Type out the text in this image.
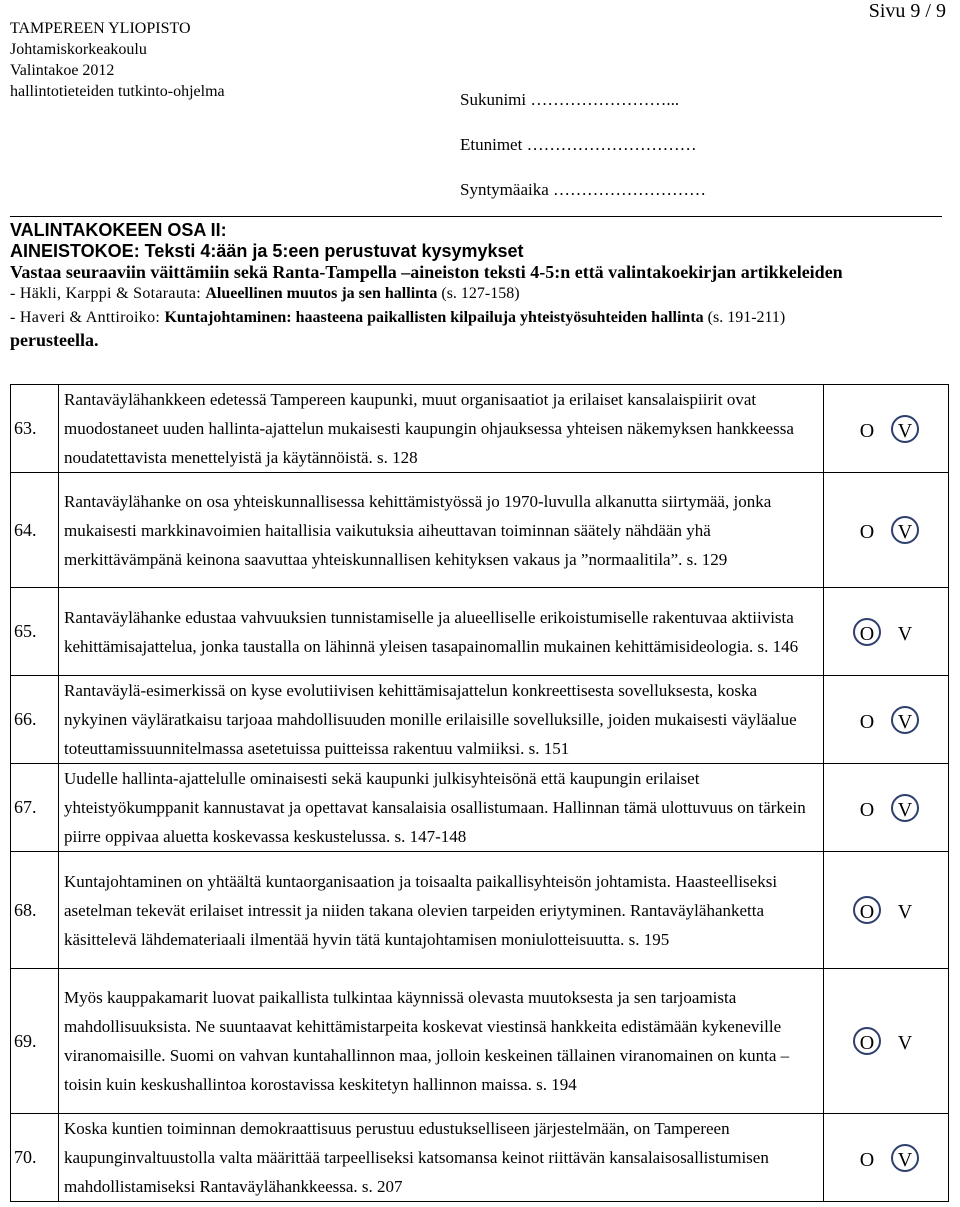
TAMPEREEN YLIOPISTO
Johtamiskorkeakoulu
Valintakoe 2012
hallintotieteiden tutkinto-ohjelma
Sivu 9 / 9
Sukunimi ……………………...
Etunimet …………………………
Syntymäaika ………………………
VALINTAKOKEEN OSA II:
AINEISTOKOE: Teksti 4:ään ja 5:een perustuvat kysymykset
Vastaa seuraaviin väittämiin sekä Ranta-Tampella –aineiston teksti 4-5:n että valintakoekirjan artikkeleiden
- Häkli, Karppi & Sotarauta: Alueellinen muutos ja sen hallinta (s. 127-158)
- Haveri & Anttiroiko: Kuntajohtaminen: haasteena paikallisten kilpailuja yhteistyösuhteiden hallinta (s. 191-211)
perusteella.
63.	Rantaväylähankkeen edetessä Tampereen kaupunki, muut organisaatiot ja erilaiset kansalaispiirit ovat muodostaneet uuden hallinta-ajattelun mukaisesti kaupungin ohjauksessa yhteisen näkemyksen hankkeessa noudatettavista menettelyistä ja käytännöistä. s. 128	O V
64.	Rantaväylähanke on osa yhteiskunnallisessa kehittämistyössä jo 1970-luvulla alkanutta siirtymää, jonka mukaisesti markkinavoimien haitallisia vaikutuksia aiheuttavan toiminnan säätely nähdään yhä merkittävämpänä keinona saavuttaa yhteiskunnallisen kehityksen vakaus ja ”normaalitila”. s. 129	O V
65.	Rantaväylähanke edustaa vahvuuksien tunnistamiselle ja alueelliselle erikoistumiselle rakentuvaa aktiivista kehittämisajattelua, jonka taustalla on lähinnä yleisen tasapainomallin mukainen kehittämisideologia. s. 146	O V
66.	Rantaväylä-esimerkissä on kyse evolutiivisen kehittämisajattelun konkreettisesta sovelluksesta, koska nykyinen väyläratkaisu tarjoaa mahdollisuuden monille erilaisille sovelluksille, joiden mukaisesti väyläalue toteuttamissuunnitelmassa asetetuissa puitteissa rakentuu valmiiksi. s. 151	O V
67.	Uudelle hallinta-ajattelulle ominaisesti sekä kaupunki julkisyhteisönä että kaupungin erilaiset yhteistyökumppanit kannustavat ja opettavat kansalaisia osallistumaan. Hallinnan tämä ulottuvuus on tärkein piirre oppivaa aluetta koskevassa keskustelussa. s. 147-148	O V
68.	Kuntajohtaminen on yhtäältä kuntaorganisaation ja toisaalta paikallisyhteisön johtamista. Haasteelliseksi asetelman tekevät erilaiset intressit ja niiden takana olevien tarpeiden eriytyminen. Rantaväylähanketta käsittelevä lähdemateriaali ilmentää hyvin tätä kuntajohtamisen moniulotteisuutta. s. 195	O V
69.	Myös kauppakamarit luovat paikallista tulkintaa käynnissä olevasta muutoksesta ja sen tarjoamista mahdollisuuksista. Ne suuntaavat kehittämistarpeita koskevat viestinsä hankkeita edistämään kykeneville viranomaisille. Suomi on vahvan kuntahallinnon maa, jolloin keskeinen tällainen viranomainen on kunta – toisin kuin keskushallintoa korostavissa keskitetyn hallinnon maissa. s. 194	O V
70.	Koska kuntien toiminnan demokraattisuus perustuu edustukselliseen järjestelmään, on Tampereen kaupunginvaltuustolla valta määrittää tarpeelliseksi katsomansa keinot riittävän kansalaisosallistumisen mahdollistamiseksi Rantaväylähankkeessa. s. 207	O V
